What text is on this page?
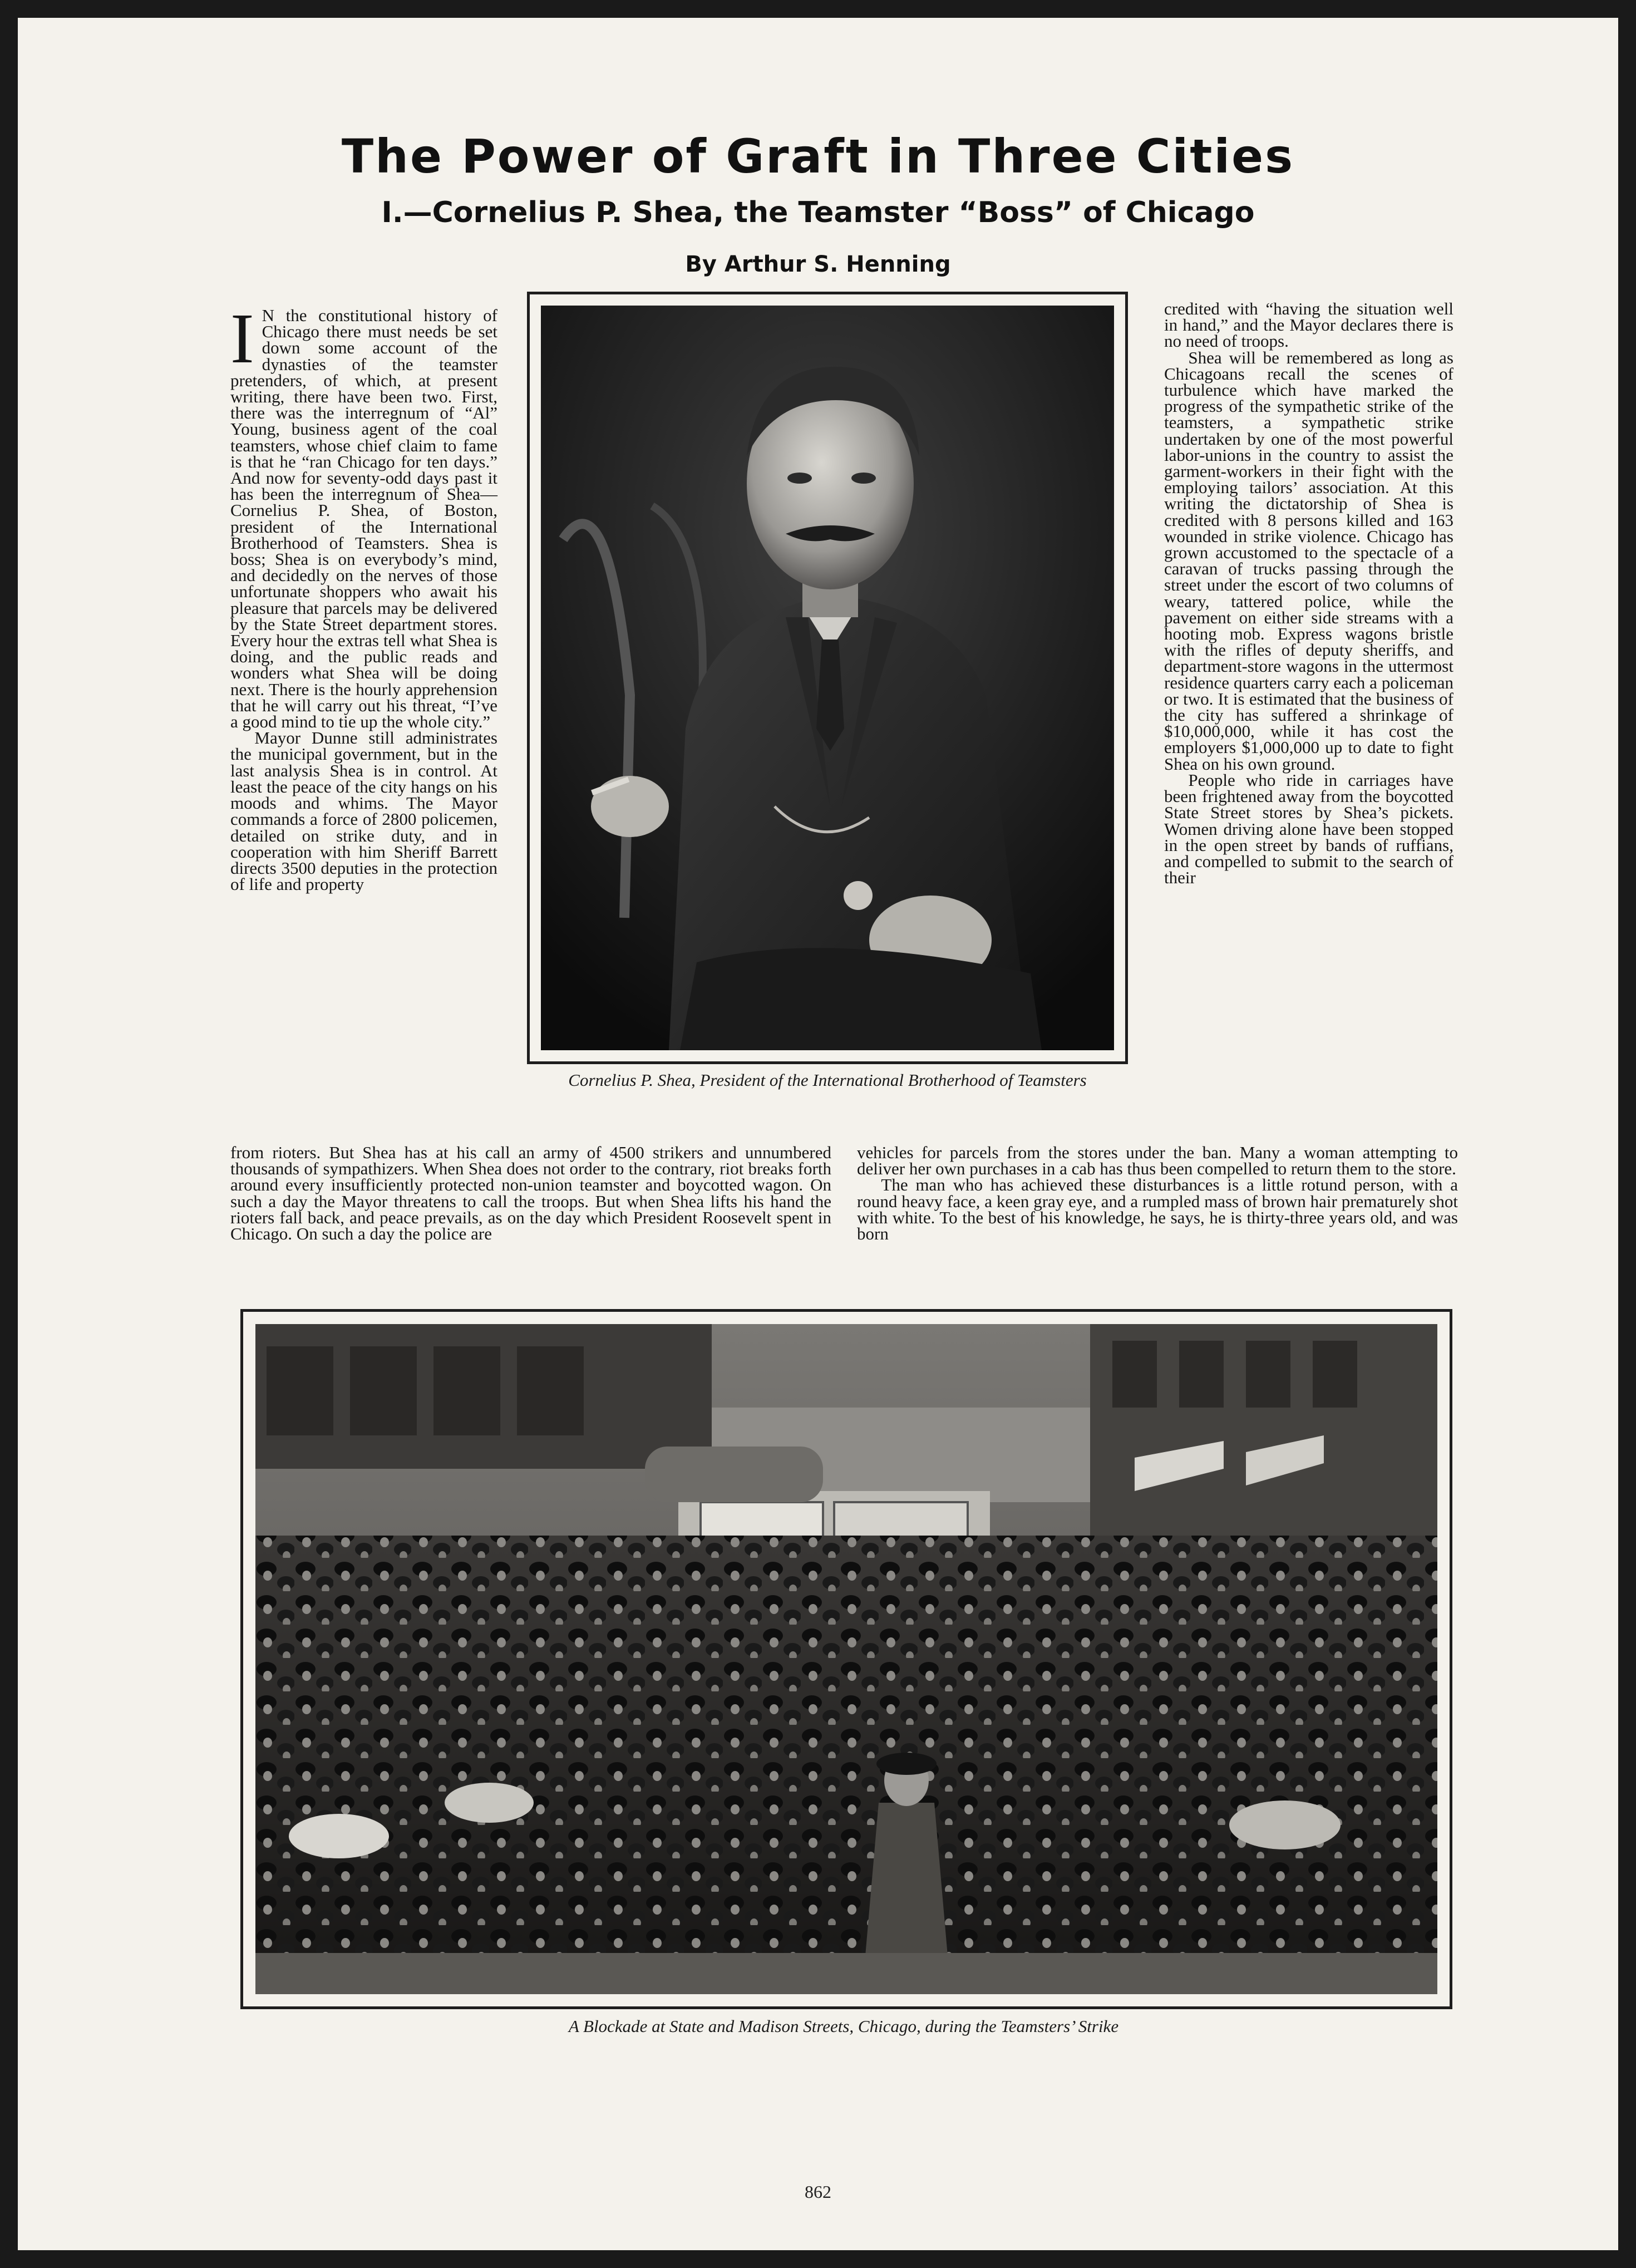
The Power of Graft in Three Cities
I.—Cornelius P. Shea, the Teamster “Boss” of Chicago
By Arthur S. Henning
I N the constitutional history of Chicago there must needs be set down some account of the dynasties of the teamster pretenders, of which, at present writing, there have been two. First, there was the interregnum of “Al” Young, business agent of the coal teamsters, whose chief claim to fame is that he “ran Chicago for ten days.” And now for seventy-odd days past it has been the interregnum of Shea—Cornelius P. Shea, of Boston, president of the International Brotherhood of Teamsters. Shea is boss; Shea is on everybody’s mind, and decidedly on the nerves of those unfortunate shoppers who await his pleasure that parcels may be delivered by the State Street department stores. Every hour the extras tell what Shea is doing, and the public reads and wonders what Shea will be doing next. There is the hourly apprehension that he will carry out his threat, “I’ve a good mind to tie up the whole city.”

Mayor Dunne still administrates the municipal government, but in the last analysis Shea is in control. At least the peace of the city hangs on his moods and whims. The Mayor commands a force of 2800 policemen, detailed on strike duty, and in cooperation with him Sheriff Barrett directs 3500 deputies in the protection of life and property

Cornelius P. Shea, President of the International Brotherhood of Teamsters

credited with “having the situation well in hand,” and the Mayor declares there is no need of troops.

Shea will be remembered as long as Chicagoans recall the scenes of turbulence which have marked the progress of the sympathetic strike of the teamsters, a sympathetic strike undertaken by one of the most powerful labor-unions in the country to assist the garment-workers in their fight with the employing tailors’ association. At this writing the dictatorship of Shea is credited with 8 persons killed and 163 wounded in strike violence. Chicago has grown accustomed to the spectacle of a caravan of trucks passing through the street under the escort of two columns of weary, tattered police, while the pavement on either side streams with a hooting mob. Express wagons bristle with the rifles of deputy sheriffs, and department-store wagons in the uttermost residence quarters carry each a policeman or two. It is estimated that the business of the city has suffered a shrinkage of $10,000,000, while it has cost the employers $1,000,000 up to date to fight Shea on his own ground.

People who ride in carriages have been frightened away from the boycotted State Street stores by Shea’s pickets. Women driving alone have been stopped in the open street by bands of ruffians, and compelled to submit to the search of their

from rioters. But Shea has at his call an army of 4500 strikers and unnumbered thousands of sympathizers. When Shea does not order to the contrary, riot breaks forth around every insufficiently protected non-union teamster and boycotted wagon. On such a day the Mayor threatens to call the troops. But when Shea lifts his hand the rioters fall back, and peace prevails, as on the day which President Roosevelt spent in Chicago. On such a day the police are

vehicles for parcels from the stores under the ban. Many a woman attempting to deliver her own purchases in a cab has thus been compelled to return them to the store.

The man who has achieved these disturbances is a little rotund person, with a round heavy face, a keen gray eye, and a rumpled mass of brown hair prematurely shot with white. To the best of his knowledge, he says, he is thirty-three years old, and was born

A Blockade at State and Madison Streets, Chicago, during the Teamsters’ Strike
862
